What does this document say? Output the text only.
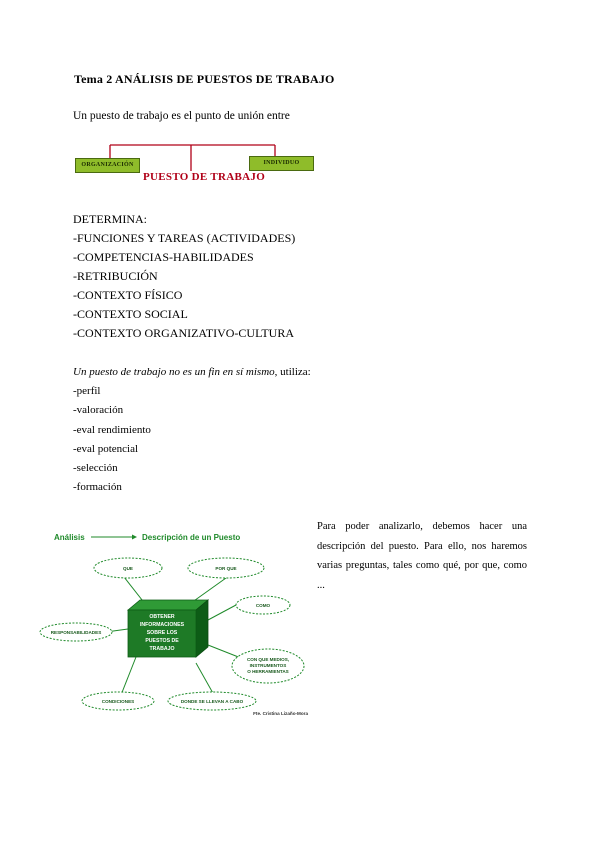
Tema 2 ANÁLISIS DE PUESTOS DE TRABAJO
Un puesto de trabajo es el punto de unión entre
ORGANIZACIÓN	INDIVIDUO
PUESTO DE TRABAJO
DETERMINA:
-FUNCIONES Y TAREAS (ACTIVIDADES)
-COMPETENCIAS-HABILIDADES
-RETRIBUCIÓN
-CONTEXTO FÍSICO
-CONTEXTO SOCIAL
-CONTEXTO ORGANIZATIVO-CULTURA
Un puesto de trabajo no es un fin en sí mismo, utiliza:
-perfil
-valoración
-eval rendimiento
-eval potencial
-selección
-formación
Para poder analizarlo, debemos hacer una descripción del puesto. Para ello, nos haremos varias preguntas, tales como qué, por que, como ...
Análisis	Descripción de un Puesto
OBTENER
INFORMACIONES
SOBRE LOS
PUESTOS DE
TRABAJO
QUE	POR QUE
COMO
RESPONSABILIDADES
CON QUE MEDIOS,
INSTRUMENTOS
O HERRAMIENTAS
CONDICIONES	DONDE SE LLEVAN A CABO
Fte. Cristina Lizaño-Mora
